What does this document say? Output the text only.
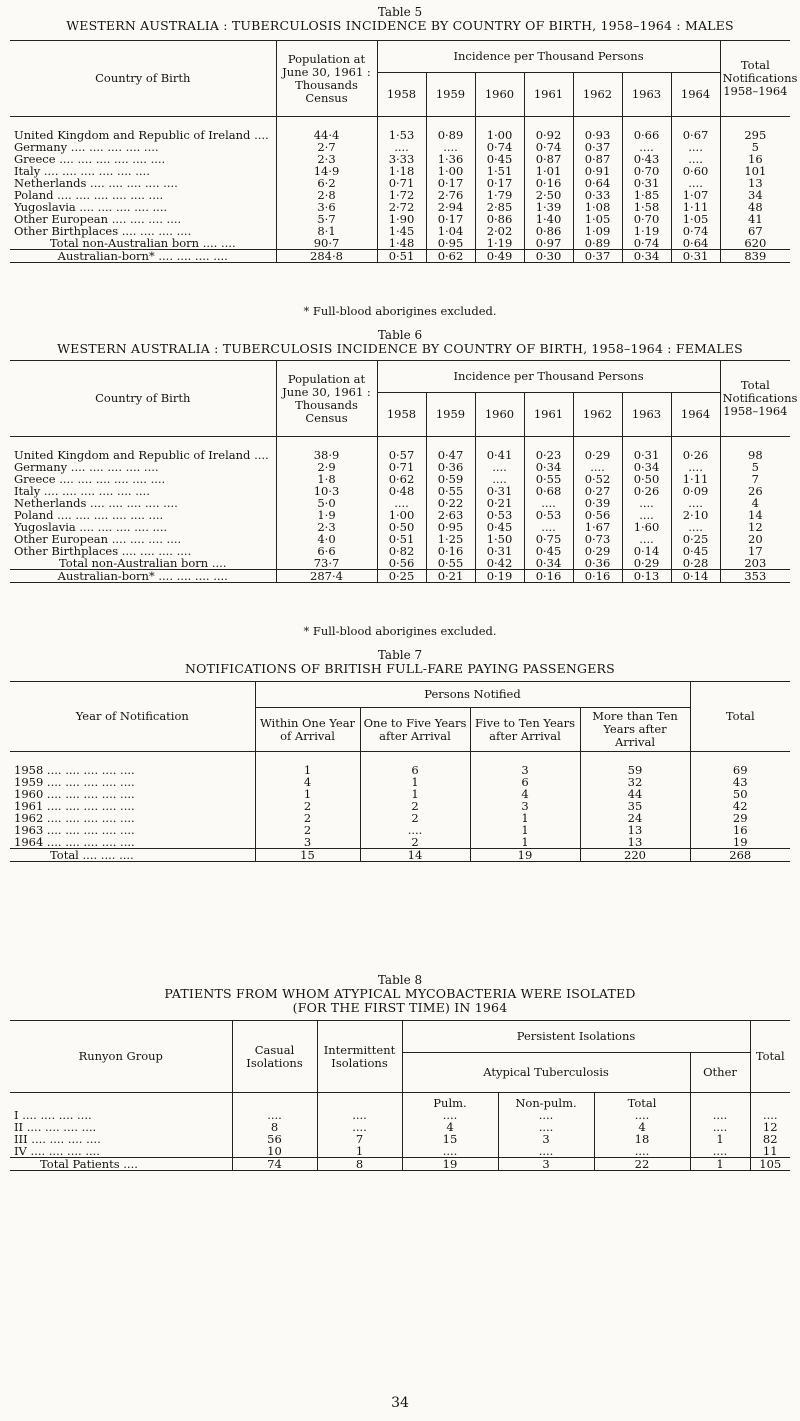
Table 5
WESTERN AUSTRALIA : TUBERCULOSIS INCIDENCE BY COUNTRY OF BIRTH, 1958–1964 : MALES
Country of Birth	Population at June 30, 1961 : Thousands Census	Incidence per Thousand Persons							Total Notifications 1958–1964
		1958	1959	1960	1961	1962	1963	1964	

United Kingdom and Republic of Ireland ....	44·4	1·53	0·89	1·00	0·92	0·93	0·66	0·67	295
Germany .... .... .... .... ....	2·7	....	....	0·74	0·74	0·37	....	....	5
Greece .... .... .... .... .... ....	2·3	3·33	1·36	0·45	0·87	0·87	0·43	....	16
Italy .... .... .... .... .... ....	14·9	1·18	1·00	1·51	1·01	0·91	0·70	0·60	101
Netherlands .... .... .... .... ....	6·2	0·71	0·17	0·17	0·16	0·64	0·31	....	13
Poland .... .... .... .... .... ....	2·8	1·72	2·76	1·79	2·50	0·33	1·85	1·07	34
Yugoslavia .... .... .... .... ....	3·6	2·72	2·94	2·85	1·39	1·08	1·58	1·11	48
Other European .... .... .... ....	5·7	1·90	0·17	0·86	1·40	1·05	0·70	1·05	41
Other Birthplaces .... .... .... ....	8·1	1·45	1·04	2·02	0·86	1·09	1·19	0·74	67
Total non-Australian born .... ....	90·7	1·48	0·95	1·19	0·97	0·89	0·74	0·64	620
Australian-born* .... .... .... ....	284·8	0·51	0·62	0·49	0·30	0·37	0·34	0·31	839
* Full-blood aborigines excluded.
Table 6
WESTERN AUSTRALIA : TUBERCULOSIS INCIDENCE BY COUNTRY OF BIRTH, 1958–1964 : FEMALES
Country of Birth	Population at June 30, 1961 : Thousands Census	Incidence per Thousand Persons							Total Notifications 1958–1964
		1958	1959	1960	1961	1962	1963	1964	

United Kingdom and Republic of Ireland ....	38·9	0·57	0·47	0·41	0·23	0·29	0·31	0·26	98
Germany .... .... .... .... ....	2·9	0·71	0·36	....	0·34	....	0·34	....	5
Greece .... .... .... .... .... ....	1·8	0·62	0·59	....	0·55	0·52	0·50	1·11	7
Italy .... .... .... .... .... ....	10·3	0·48	0·55	0·31	0·68	0·27	0·26	0·09	26
Netherlands .... .... .... .... ....	5·0	....	0·22	0·21	....	0·39	....	....	4
Poland .... .... .... .... .... ....	1·9	1·00	2·63	0·53	0·53	0·56	....	2·10	14
Yugoslavia .... .... .... .... ....	2·3	0·50	0·95	0·45	....	1·67	1·60	....	12
Other European .... .... .... ....	4·0	0·51	1·25	1·50	0·75	0·73	....	0·25	20
Other Birthplaces .... .... .... ....	6·6	0·82	0·16	0·31	0·45	0·29	0·14	0·45	17
Total non-Australian born ....	73·7	0·56	0·55	0·42	0·34	0·36	0·29	0·28	203
Australian-born* .... .... .... ....	287·4	0·25	0·21	0·19	0·16	0·16	0·13	0·14	353
* Full-blood aborigines excluded.
Table 7
NOTIFICATIONS OF BRITISH FULL-FARE PAYING PASSENGERS
Year of Notification	Persons Notified				Total
	Within One Year of Arrival	One to Five Years after Arrival	Five to Ten Years after Arrival	More than Ten Years after Arrival	

1958 .... .... .... .... ....	1	6	3	59	69
1959 .... .... .... .... ....	4	1	6	32	43
1960 .... .... .... .... ....	1	1	4	44	50
1961 .... .... .... .... ....	2	2	3	35	42
1962 .... .... .... .... ....	2	2	1	24	29
1963 .... .... .... .... ....	2	....	1	13	16
1964 .... .... .... .... ....	3	2	1	13	19
Total .... .... ....	15	14	19	220	268
Table 8
PATIENTS FROM WHOM ATYPICAL MYCOBACTERIA WERE ISOLATED
(FOR THE FIRST TIME) IN 1964
Runyon Group	Casual Isolations	Intermittent Isolations	Persistent Isolations				Total
			Atypical Tuberculosis			Other	
			Pulm.	Non-pulm.	Total		
I .... .... .... ....	....	....	....	....	....	....	....
II .... .... .... ....	8	....	4	....	4	....	12
III .... .... .... ....	56	7	15	3	18	1	82
IV .... .... .... ....	10	1	....	....	....	....	11
Total Patients ....	74	8	19	3	22	1	105
34
